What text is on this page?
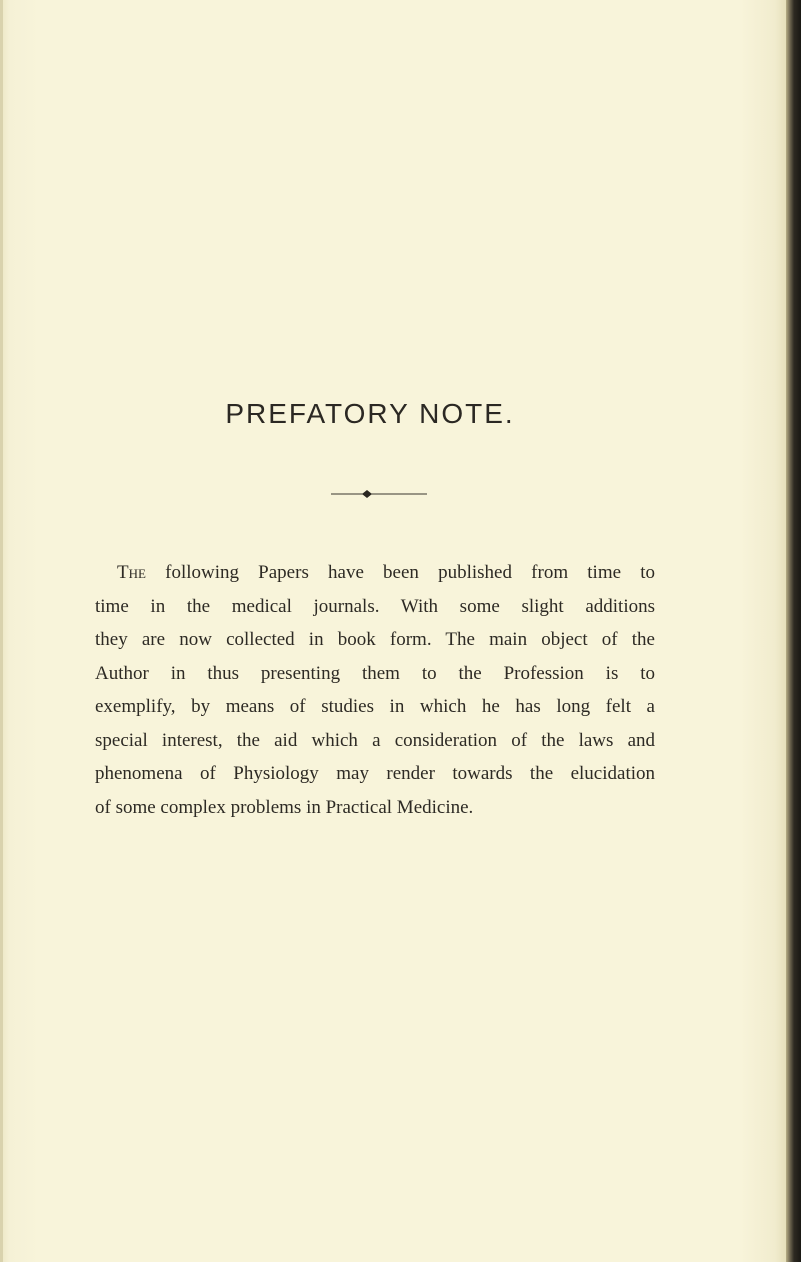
PREFATORY NOTE.
The following Papers have been published from time to
time in the medical journals. With some slight additions
they are now collected in book form. The main object of the
Author in thus presenting them to the Profession is to
exemplify, by means of studies in which he has long felt a
special interest, the aid which a consideration of the laws and
phenomena of Physiology may render towards the elucidation
of some complex problems in Practical Medicine.
